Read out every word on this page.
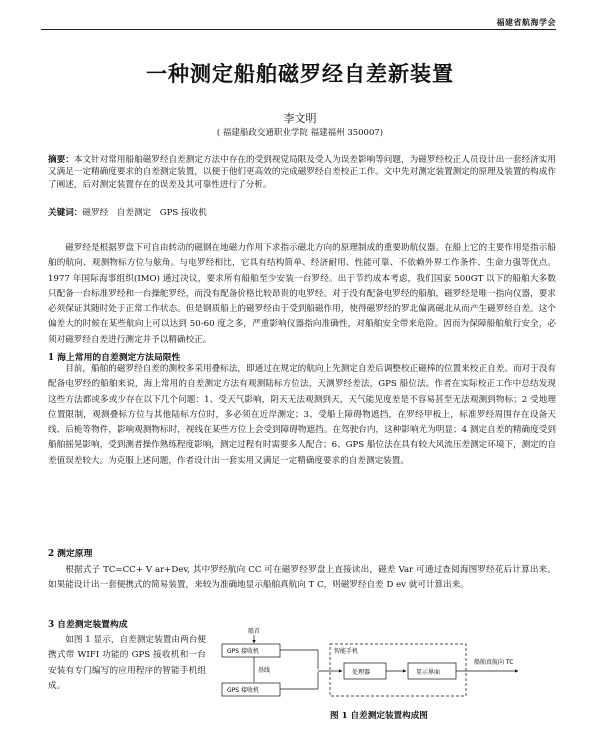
福建省航海学会
一种测定船舶磁罗经自差新装置
李文明
( 福建船政交通职业学院 福建福州 350007)
摘要：本文针对常用船舶磁罗经自差测定方法中存在的受到视觉局限及受人为误差影响等问题，为磁罗经校正人员设计出一套经济实用又满足一定精确度要求的自差测定装置，以便于他们更高效的完成磁罗经自差校正工作。文中先对测定装置测定的原理及装置的构成作了阐述，后对测定装置存在的误差及其可靠性进行了分析。
关键词：磁罗经　自差测定　GPS 接收机
磁罗经是根据罗盘下可自由转动的磁钢在地磁力作用下求指示磁北方向的原理制成的重要助航仪器。在船上它的主要作用是指示船舶的航向、观测物标方位与舷角。与电罗经相比，它具有结构简单、经济耐用、性能可靠、不依赖外界工作条件、生命力强等优点。1977 年国际海事组织(IMO) 通过决议，要求所有船舶至少安装一台罗经。出于节约成本考虑，我们国家 500GT 以下的船舶大多数只配备一台标准罗经和一台操舵罗经，而没有配备价格比较昂贵的电罗经。对于没有配备电罗经的船舶，磁罗经是唯一指向仪器，要求必须保证其随时处于正常工作状态。但是钢质船上的磁罗经由于受到船磁作用，使得磁罗经的罗北偏离磁北从而产生磁罗经自差。这个偏差大的时候在某些航向上可以达到 50-60 度之多，严重影响仪器指向准确性，对船舶安全带来危险。因而为保障船舶航行安全，必须对磁罗经自差进行测定并予以精确校正。
1 海上常用的自差测定方法局限性
目前，船舶的磁罗经自差的测校多采用叠标法，即通过在规定的航向上先测定自差后调整校正磁棒的位置来校正自差。而对于没有配备电罗经的船舶来说，海上常用的自差测定方法有观测陆标方位法，天测罗经差法，GPS 船位法。作者在实际校正工作中总结发现这些方法都或多或少存在以下几个问题：1、受天气影响，阴天无法观测到天，天气能见度差是不容易甚至无法观测到物标；2 受地理位置限制，观测叠标方位与其他陆标方位时，多必须在近岸测定；3、受船上障碍物遮挡，在罗经甲板上，标准罗经周围存在设备天线、后桅等物件，影响观测物标时，视线在某些方位上会受到障碍物遮挡。在驾驶台内，这种影响尤为明显；4 测定自差的精确度受到船舶摇晃影响，受到测者操作熟练程度影响，测定过程有时需要多人配合；6、GPS 船位法在具有较大风流压差测定环境下，测定的自差值误差较大。为克服上述问题，作者设计出一套实用又满足一定精确度要求的自差测定装置。
2 测定原理
根据式子 TC=CC+ V ar+Dev, 其中罗经航向 CC 可在磁罗经罗盘上直接读出，磁差 Var 可通过查阅海图罗经花后计算出来。如果能设计出一套便携式的简易装置，来较为准确地显示船舶真航向 T C，则磁罗经自差 D ev 就可计算出来。
3 自差测定装置构成
如图 1 显示，自差测定装置由两台便携式带 WIFI 功能的 GPS 接收机和一台安装有专门编写的应用程序的智能手机组成。
船首
GPS 接收机
基线
GPS 接收机
智能手机
处理器	显示界面
船舶真航向 TC
图 1 自差测定装置构成图
